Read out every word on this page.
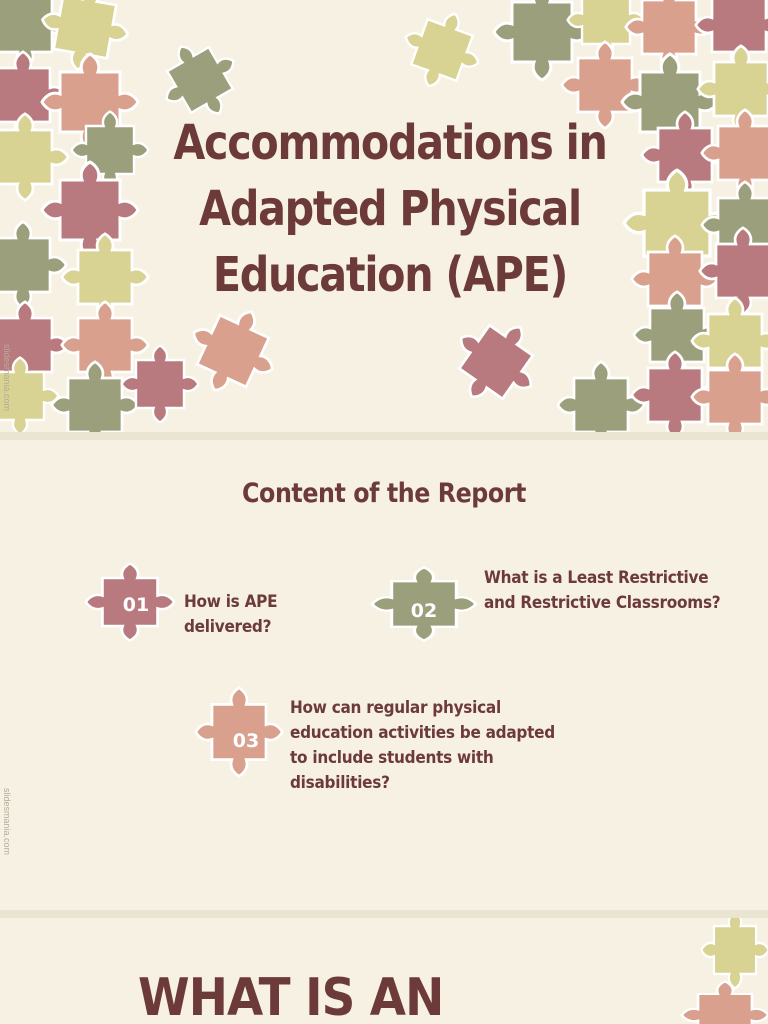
Accommodations in
Adapted Physical
Education (APE)
slidesmania.com
Content of the Report
01	How is APE delivered?
02
What is a Least Restrictive and Restrictive Classrooms?
03
How can regular physical education activities be adapted to include students with disabilities?
slidesmania.com
WHAT IS AN
